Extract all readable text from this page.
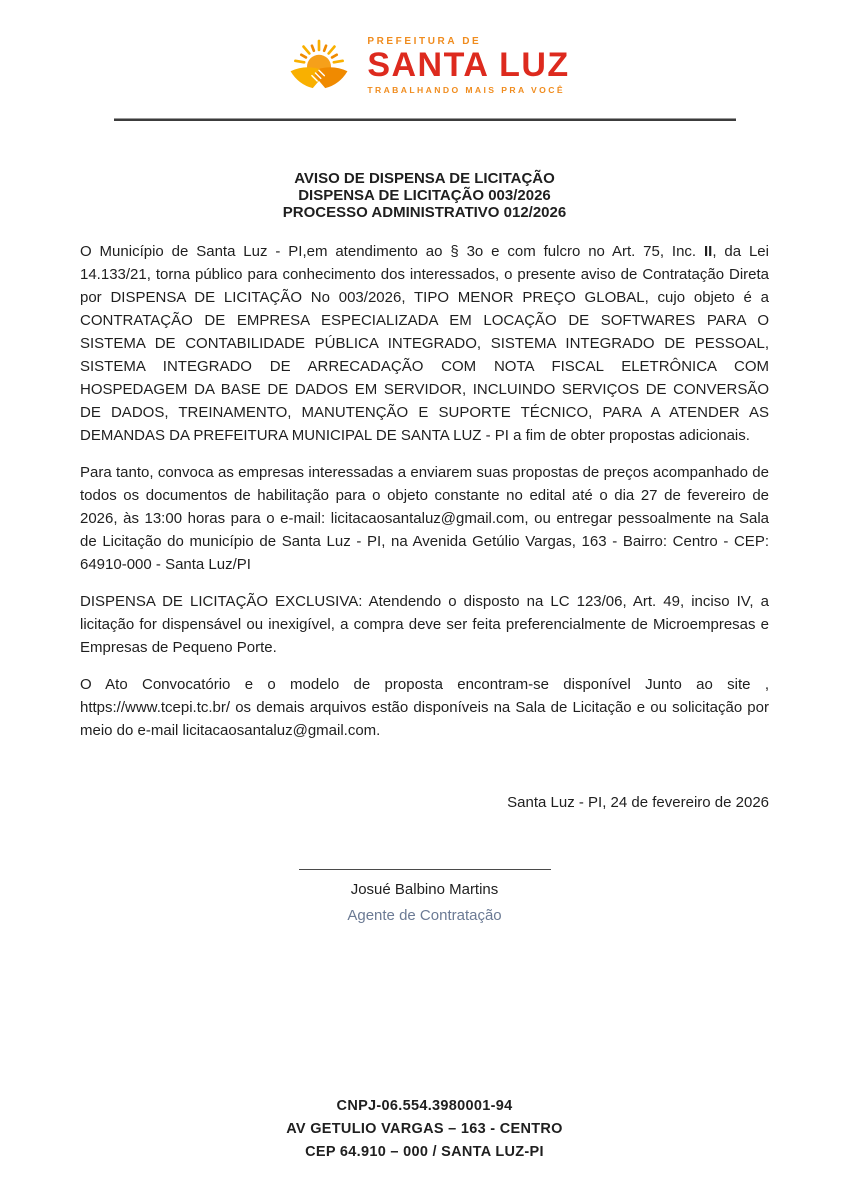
PREFEITURA DE
SANTA LUZ
TRABALHANDO MAIS PRA VOCÊ
AVISO DE DISPENSA DE LICITAÇÃO
DISPENSA DE LICITAÇÃO 003/2026
PROCESSO ADMINISTRATIVO 012/2026

O Município de Santa Luz - PI,em atendimento ao § 3o e com fulcro no Art. 75, Inc. II, da Lei 14.133/21, torna público para conhecimento dos interessados, o presente aviso de Contratação Direta por DISPENSA DE LICITAÇÃO No 003/2026, TIPO MENOR PREÇO GLOBAL, cujo objeto é a CONTRATAÇÃO DE EMPRESA ESPECIALIZADA EM LOCAÇÃO DE SOFTWARES PARA O SISTEMA DE CONTABILIDADE PÚBLICA INTEGRADO, SISTEMA INTEGRADO DE PESSOAL, SISTEMA INTEGRADO DE ARRECADAÇÃO COM NOTA FISCAL ELETRÔNICA COM HOSPEDAGEM DA BASE DE DADOS EM SERVIDOR, INCLUINDO SERVIÇOS DE CONVERSÃO DE DADOS, TREINAMENTO, MANUTENÇÃO E SUPORTE TÉCNICO, PARA A ATENDER AS DEMANDAS DA PREFEITURA MUNICIPAL DE SANTA LUZ - PI a fim de obter propostas adicionais.

Para tanto, convoca as empresas interessadas a enviarem suas propostas de preços acompanhado de todos os documentos de habilitação para o objeto constante no edital até o dia 27 de fevereiro de 2026, às 13:00 horas para o e-mail: licitacaosantaluz@gmail.com, ou entregar pessoalmente na Sala de Licitação do município de Santa Luz - PI, na Avenida Getúlio Vargas, 163 - Bairro: Centro - CEP: 64910-000 - Santa Luz/PI

DISPENSA DE LICITAÇÃO EXCLUSIVA: Atendendo o disposto na LC 123/06, Art. 49, inciso IV, a licitação for dispensável ou inexigível, a compra deve ser feita preferencialmente de Microempresas e Empresas de Pequeno Porte.

O Ato Convocatório e o modelo de proposta encontram-se disponível Junto ao site , https://www.tcepi.tc.br/ os demais arquivos estão disponíveis na Sala de Licitação e ou solicitação por meio do e-mail licitacaosantaluz@gmail.com.

Santa Luz - PI, 24 de fevereiro de 2026
Josué Balbino Martins
Agente de Contratação
CNPJ-06.554.3980001-94
AV GETULIO VARGAS – 163 - CENTRO
CEP 64.910 – 000 / SANTA LUZ-PI
